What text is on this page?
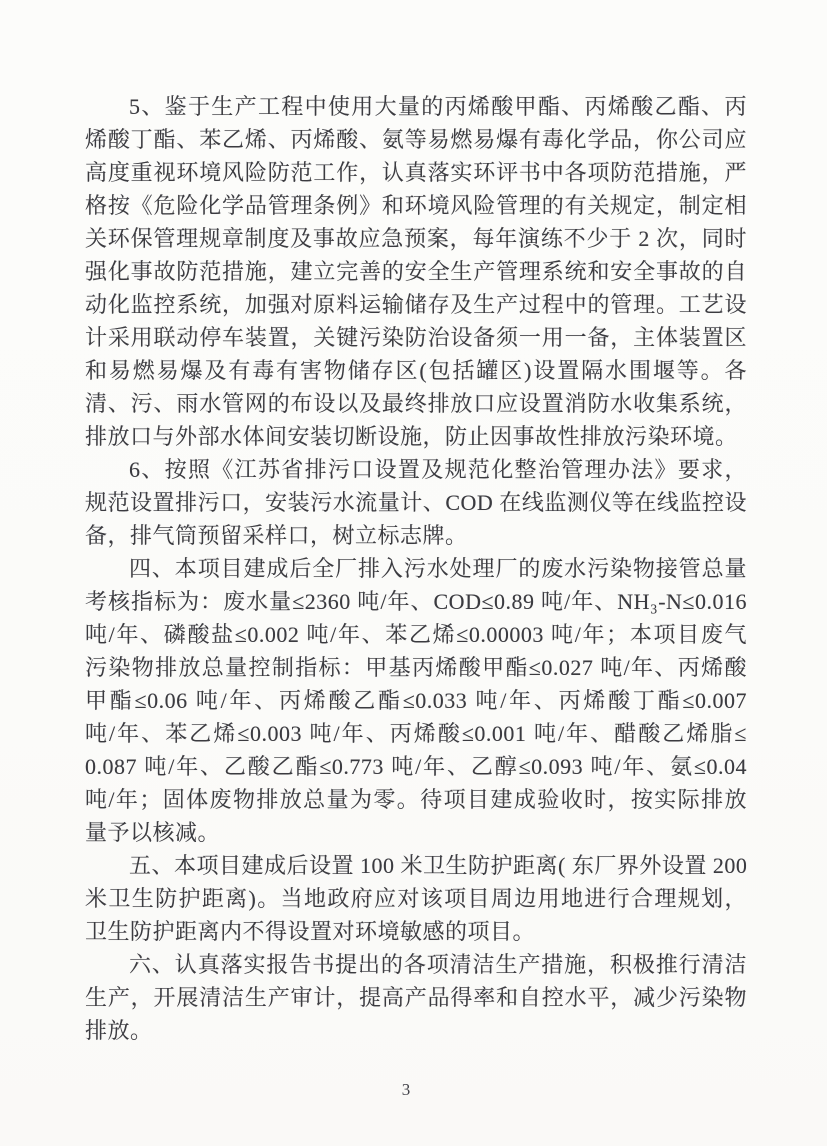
5、鉴于生产工程中使用大量的丙烯酸甲酯、丙烯酸乙酯、丙
烯酸丁酯、苯乙烯、丙烯酸、氨等易燃易爆有毒化学品，你公司应
高度重视环境风险防范工作，认真落实环评书中各项防范措施，严
格按《危险化学品管理条例》和环境风险管理的有关规定，制定相
关环保管理规章制度及事故应急预案，每年演练不少于 2 次，同时
强化事故防范措施，建立完善的安全生产管理系统和安全事故的自
动化监控系统，加强对原料运输储存及生产过程中的管理。工艺设
计采用联动停车装置，关键污染防治设备须一用一备，主体装置区
和易燃易爆及有毒有害物储存区(包括罐区)设置隔水围堰等。各
清、污、雨水管网的布设以及最终排放口应设置消防水收集系统，
排放口与外部水体间安装切断设施，防止因事故性排放污染环境。
6、按照《江苏省排污口设置及规范化整治管理办法》要求，
规范设置排污口，安装污水流量计、COD 在线监测仪等在线监控设
备，排气筒预留采样口，树立标志牌。
四、本项目建成后全厂排入污水处理厂的废水污染物接管总量
考核指标为：废水量≤2360 吨/年、COD≤0.89 吨/年、NH₃-N≤0.016
吨/年、磷酸盐≤0.002 吨/年、苯乙烯≤0.00003 吨/年；本项目废气
污染物排放总量控制指标：甲基丙烯酸甲酯≤0.027 吨/年、丙烯酸
甲酯≤0.06 吨/年、丙烯酸乙酯≤0.033 吨/年、丙烯酸丁酯≤0.007
吨/年、苯乙烯≤0.003 吨/年、丙烯酸≤0.001 吨/年、醋酸乙烯脂≤
0.087 吨/年、乙酸乙酯≤0.773 吨/年、乙醇≤0.093 吨/年、氨≤0.04
吨/年；固体废物排放总量为零。待项目建成验收时，按实际排放
量予以核减。
五、本项目建成后设置 100 米卫生防护距离( 东厂界外设置 200
米卫生防护距离)。当地政府应对该项目周边用地进行合理规划，
卫生防护距离内不得设置对环境敏感的项目。
六、认真落实报告书提出的各项清洁生产措施，积极推行清洁
生产，开展清洁生产审计，提高产品得率和自控水平，减少污染物
排放。
3
